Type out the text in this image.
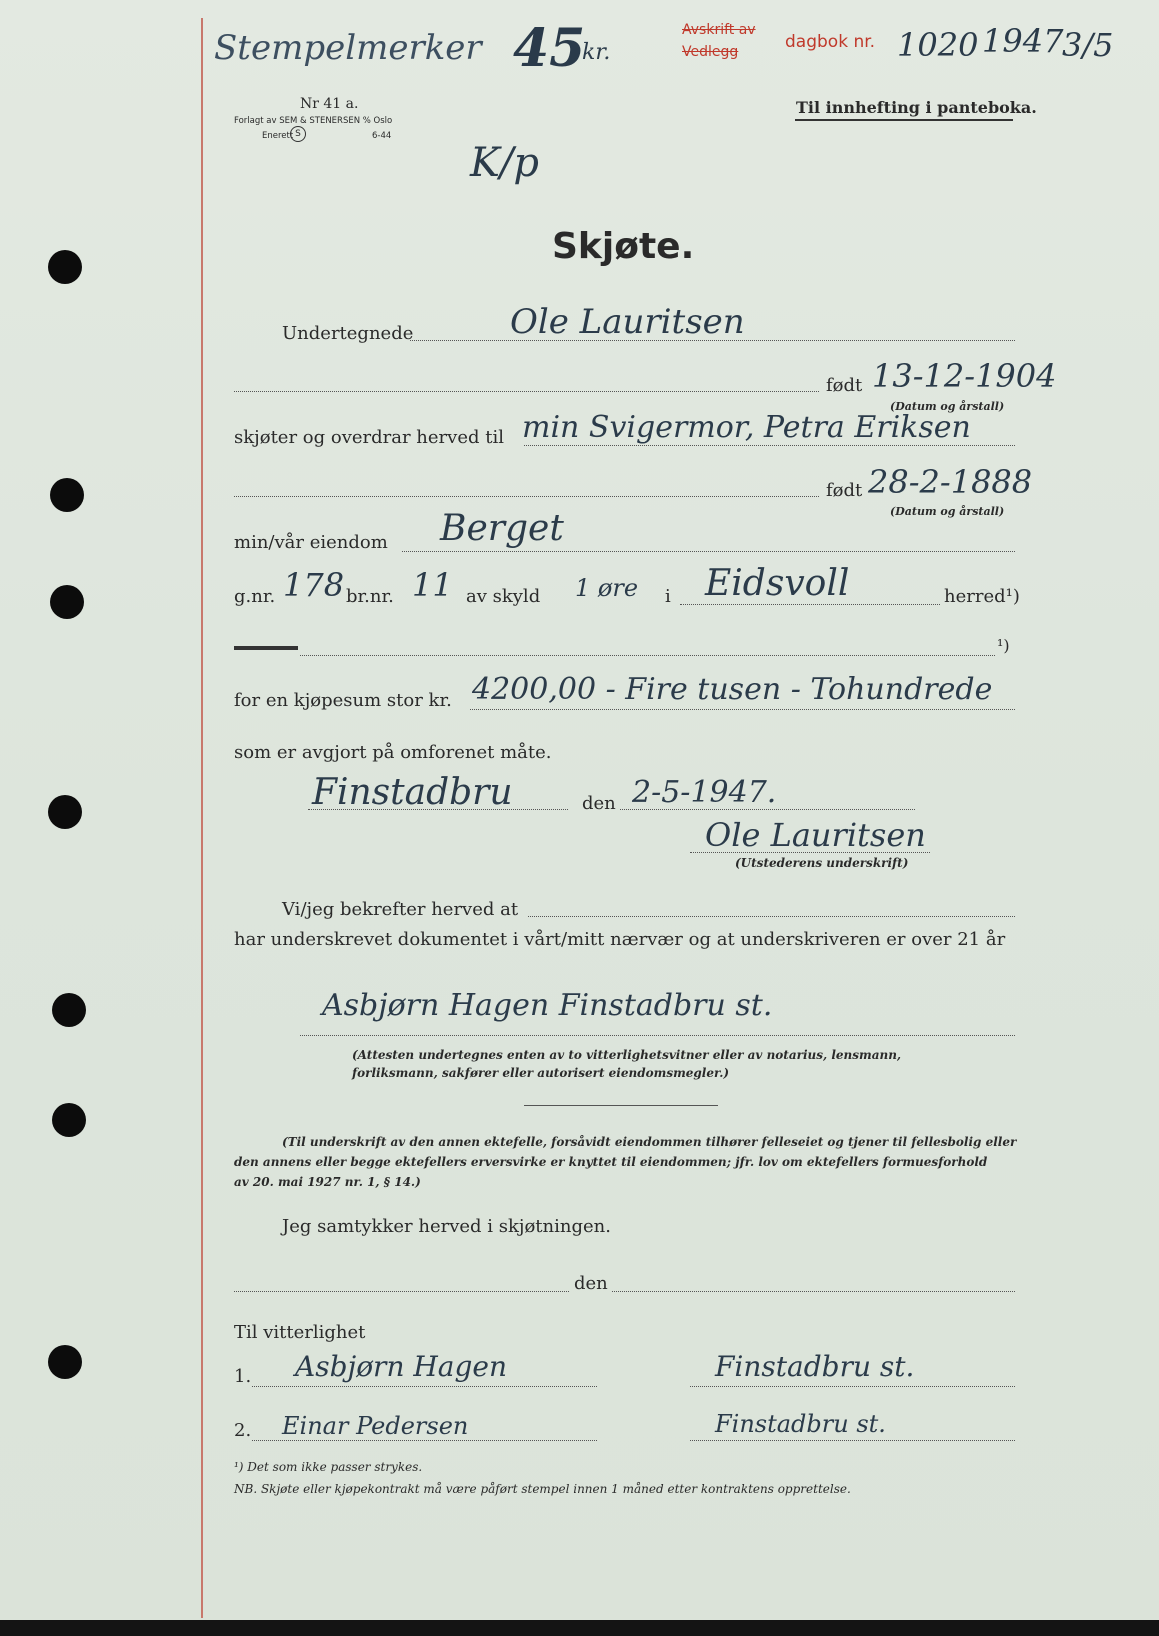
Stempelmerker 45
kr.
Avskrift av
Vedlegg	dagbok nr. 1020 1947
3/5
Nr 41 a.
Forlagt av SEM & STENERSEN % Oslo
Enerett S	6-44
Til innhefting i panteboka.
K/p
Skjøte.
Undertegnede	Ole Lauritsen
født 13-12-1904
(Datum og årstall)
skjøter og overdrar herved til min Svigermor, Petra Eriksen
født 28-2-1888
(Datum og årstall)
min/vår eiendom Berget
g.nr. 178 br.nr. 11 av skyld 1 øre i Eidsvoll	herred¹)
¹)
for en kjøpesum stor kr. 4200,00 - Fire tusen - Tohundrede
som er avgjort på omforenet måte.
Finstadbru	den 2-5-1947.
Ole Lauritsen
(Utstederens underskrift)
Vi/jeg bekrefter herved at
har underskrevet dokumentet i vårt/mitt nærvær og at underskriveren er over 21 år
Asbjørn Hagen Finstadbru st.
(Attesten undertegnes enten av to vitterlighetsvitner eller av notarius, lensmann,
forliksmann, sakfører eller autorisert eiendomsmegler.)
(Til underskrift av den annen ektefelle, forsåvidt eiendommen tilhører felleseiet og tjener til fellesbolig eller
den annens eller begge ektefellers erversvirke er knyttet til eiendommen; jfr. lov om ektefellers formuesforhold
av 20. mai 1927 nr. 1, § 14.)
Jeg samtykker herved i skjøtningen.
den
Til vitterlighet
1. Asbjørn Hagen	Finstadbru st.
2. Einar Pedersen	Finstadbru st.
¹) Det som ikke passer strykes.
NB. Skjøte eller kjøpekontrakt må være påført stempel innen 1 måned etter kontraktens opprettelse.
